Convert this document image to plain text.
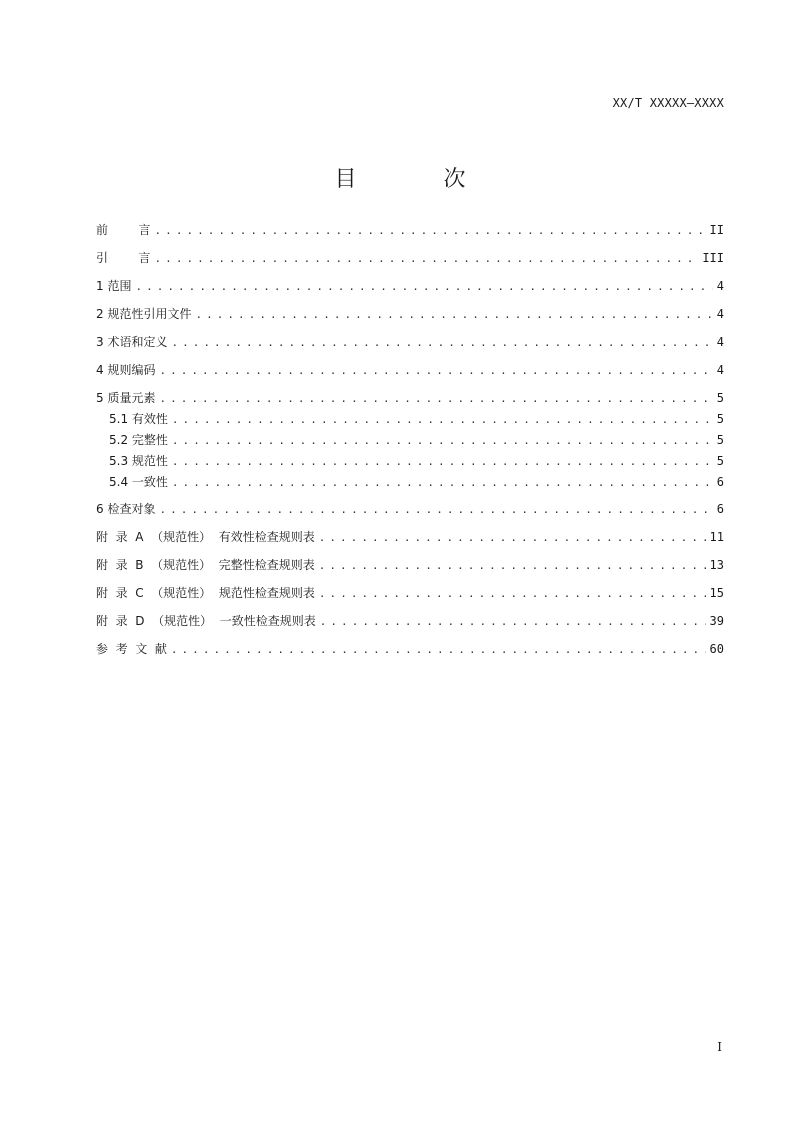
XX/T XXXXX—XXXX
目 次
前        言 . . .	II
引        言 . . .	III
1 范围 . . .	4
2 规范性引用文件 . . .	4
3 术语和定义 . . .	4
4 规则编码 . . .	4
5 质量元素 . . .	5
5.1 有效性 . . .	5
5.2 完整性 . . .	5
5.3 规范性 . . .	5
5.4 一致性 . . .	6
6 检查对象 . . .	6
附  录  A  （规范性）  有效性检查规则表 . . .	11
附  录  B  （规范性）  完整性检查规则表 . . .	13
附  录  C  （规范性）  规范性检查规则表 . . .	15
附  录  D  （规范性）  一致性检查规则表 . . .	39
参  考  文  献 . . .	60
I
